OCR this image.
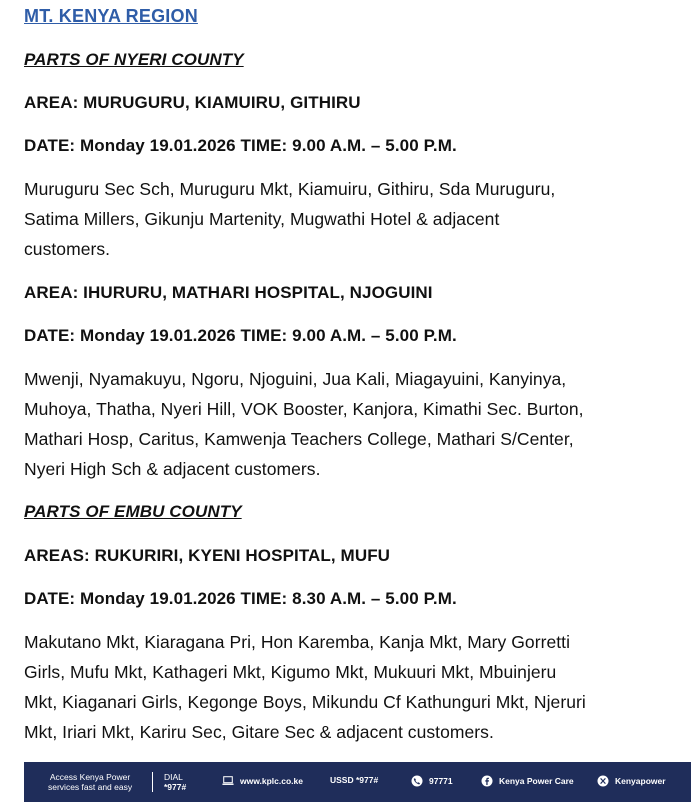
MT. KENYA REGION
PARTS OF NYERI COUNTY
AREA: MURUGURU, KIAMUIRU, GITHIRU
DATE: Monday 19.01.2026 TIME: 9.00 A.M. – 5.00 P.M.
Muruguru Sec Sch, Muruguru Mkt, Kiamuiru, Githiru, Sda Muruguru,
Satima Millers, Gikunju Martenity, Mugwathi Hotel & adjacent
customers.
AREA: IHURURU, MATHARI HOSPITAL, NJOGUINI
DATE: Monday 19.01.2026 TIME: 9.00 A.M. – 5.00 P.M.
Mwenji, Nyamakuyu, Ngoru, Njoguini, Jua Kali, Miagayuini, Kanyinya,
Muhoya, Thatha, Nyeri Hill, VOK Booster, Kanjora, Kimathi Sec. Burton,
Mathari Hosp, Caritus, Kamwenja Teachers College, Mathari S/Center,
Nyeri High Sch & adjacent customers.
PARTS OF EMBU COUNTY
AREAS: RUKURIRI, KYENI HOSPITAL, MUFU
DATE: Monday 19.01.2026 TIME: 8.30 A.M. – 5.00 P.M.
Makutano Mkt, Kiaragana Pri, Hon Karemba, Kanja Mkt, Mary Gorretti
Girls, Mufu Mkt, Kathageri Mkt, Kigumo Mkt, Mukuuri Mkt, Mbuinjeru
Mkt, Kiaganari Girls, Kegonge Boys, Mikundu Cf Kathunguri Mkt, Njeruri
Mkt, Iriari Mkt, Kariru Sec, Gitare Sec & adjacent customers.
Access Kenya Power
services fast and easy
DIAL
*977#
www.kplc.co.ke	USSD *977#	97771	Kenya Power Care	Kenyapower
